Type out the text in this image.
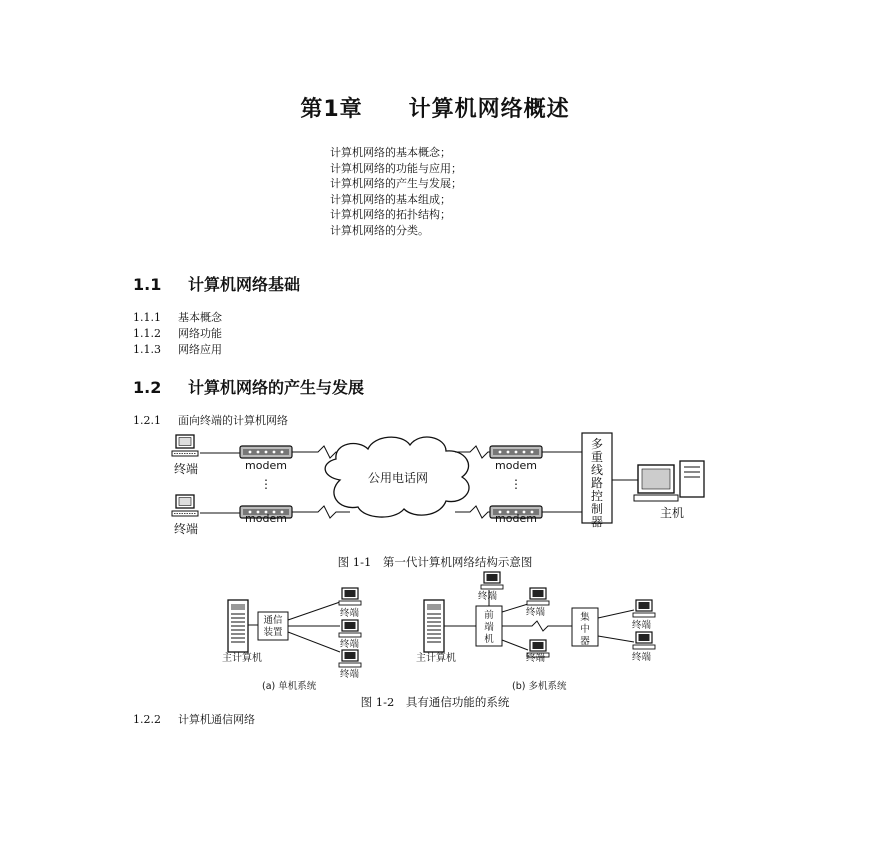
第1章 计算机网络概述
计算机网络的基本概念；
计算机网络的功能与应用；
计算机网络的产生与发展；
计算机网络的基本组成；
计算机网络的拓扑结构；
计算机网络的分类。
1.1 计算机网络基础
1.1.1 基本概念
1.1.2 网络功能
1.1.3 网络应用
1.2 计算机网络的产生与发展
1.2.1 面向终端的计算机网络
终端
终端
modem
⋮
modem
公用电话网
modem
⋮
modem
多
重
线
路
控
制
器
主机
图 1-1　第一代计算机网络结构示意图
主计算机
通信
装置
终端
终端
终端
(a) 单机系统
主计算机
前
端
机
终端
终端
终端
集
中
器
终端
终端
(b) 多机系统
图 1-2　具有通信功能的系统
1.2.2 计算机通信网络
